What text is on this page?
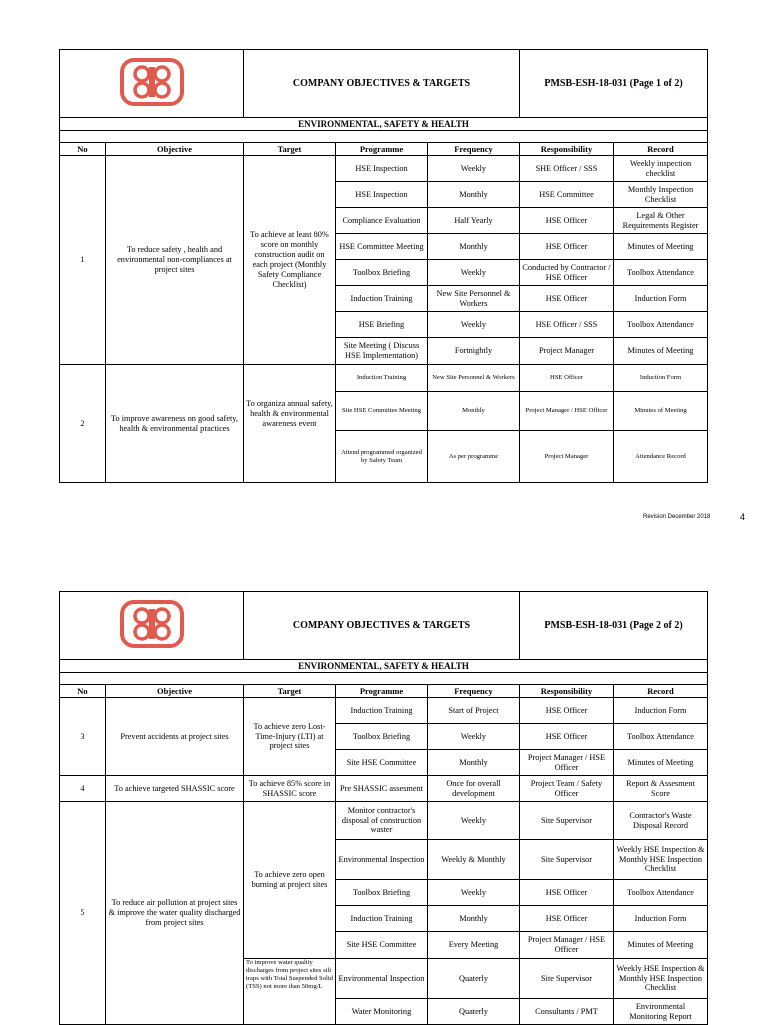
	COMPANY OBJECTIVES & TARGETS			PMSB-ESH-18-031 (Page 1 of 2)	
ENVIRONMENTAL, SAFETY & HEALTH						

No	Objective	Target	Programme	Frequency	Responsibility	Record
1	To reduce safety , health and environmental non-compliances at project sites	To achieve at least 80% score on monthly construction audit on each project (Monthly Safety Compliance Checklist)	HSE Inspection	Weekly	SHE Officer / SSS	Weekly inspection checklist
			HSE Inspection	Monthly	HSE Committee	Monthly Inspection Checklist
			Compliance Evaluation	Half Yearly	HSE Officer	Legal & Other Requirements Register
			HSE Committee Meeting	Monthly	HSE Officer	Minutes of Meeting
			Toolbox Briefing	Weekly	Conducted by Contractor / HSE Officer	Toolbox Attendance
			Induction Training	New Site Personnel & Workers	HSE Officer	Induction Form
			HSE Briefing	Weekly	HSE Officer / SSS	Toolbox Attendance
			Site Meeting ( Discuss HSE Implementation)	Fortnightly	Project Manager	Minutes of Meeting
2	To improve awareness on good safety, health & environmental practices	To organiza annual safety, health & environmental awareness event	Induction Training	New Site Personnel & Workers	HSE Officer	Induction Form
			Site HSE Committee Meeting	Monthly	Project Manager / HSE Officer	Minutes of Meeting
			Attend programmed organized by Safety Team	As per programme	Project Manager	Attendance Record
Revision December 2018	4
	COMPANY OBJECTIVES & TARGETS			PMSB-ESH-18-031 (Page 2 of 2)	
ENVIRONMENTAL, SAFETY & HEALTH						

No	Objective	Target	Programme	Frequency	Responsibility	Record
3	Prevent accidents at project sites	To achieve zero Lost-Time-Injury (LTI) at project sites	Induction Training	Start of Project	HSE Officer	Induction Form
			Toolbox Briefing	Weekly	HSE Officer	Toolbox Attendance
			Site HSE Committee	Monthly	Project Manager / HSE Officer	Minutes of Meeting
4	To achieve targeted SHASSIC score	To achieve 85% score in SHASSIC score	Pre SHASSIC assesment	Once for overall development	Project Team / Safety Officer	Report & Assesment Score
5	To reduce air pollution at project sites & improve the water quality discharged from project sites	To achieve zero open burning at project sites	Monitor contractor's disposal of construction waster	Weekly	Site Supervisor	Contractor's Waste Disposal Record
			Environmental Inspection	Weekly & Monthly	Site Supervisor	Weekly HSE Inspection & Monthly HSE Inspection Checklist
			Toolbox Briefing	Weekly	HSE Officer	Toolbox Attendance
			Induction Training	Monthly	HSE Officer	Induction Form
			Site HSE Committee	Every Meeting	Project Manager / HSE Officer	Minutes of Meeting
		To improve water quality discharges from project sites silt traps with Total Suspended Solid (TSS) not more than 50mg/L	Environmental Inspection	Quaterly	Site Supervisor	Weekly HSE Inspection & Monthly HSE Inspection Checklist
			Water Monitoring	Quaterly	Consultants / PMT	Environmental Monitoring Report
